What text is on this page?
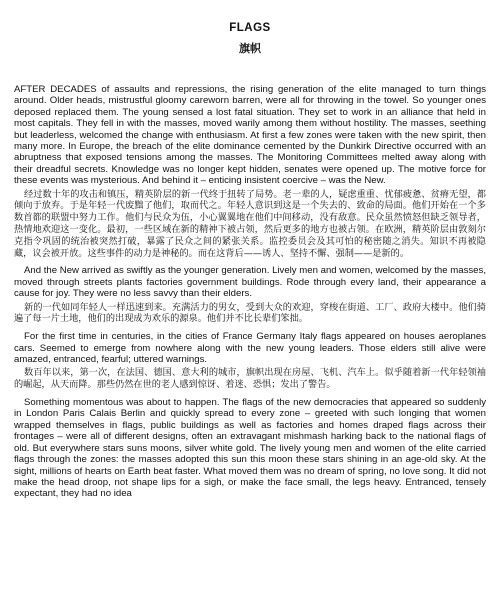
FLAGS
旗帜

AFTER DECADES of assaults and repressions, the rising generation of the elite managed to turn things around. Older heads, mistrustful gloomy careworn barren, were all for throwing in the towel. So younger ones deposed replaced them. The young sensed a lost fatal situation. They set to work in an alliance that held in most capitals. They fell in with the masses, moved warily among them without hostility. The masses, seething but leaderless, welcomed the change with enthusiasm. At first a few zones were taken with the new spirit, then many more. In Europe, the breach of the elite dominance cemented by the Dunkirk Directive occurred with an abruptness that exposed tensions among the masses. The Monitoring Committees melted away along with their dreadful secrets. Knowledge was no longer kept hidden, senates were opened up. The motive force for these events was mysterious. And behind it – enticing insistent coercive – was the New.

经过数十年的攻击和镇压，精英阶层的新一代终于扭转了局势。老一辈的人，疑虑重重、忧郁疲惫、贫瘠无望，都倾向于放弃。于是年轻一代废黜了他们，取而代之。年轻人意识到这是一个失去的、致命的局面。他们开始在一个多数首都的联盟中努力工作。他们与民众为伍，小心翼翼地在他们中间移动，没有敌意。民众虽然愤怒但缺乏领导者，热情地欢迎这一变化。最初，一些区域在新的精神下被占领，然后更多的地方也被占领。在欧洲，精英阶层由敦刻尔克指令巩固的统治被突然打破，暴露了民众之间的紧张关系。监控委员会及其可怕的秘密随之消失。知识不再被隐藏，议会被开放。这些事件的动力是神秘的。而在这背后——诱人、坚持不懈、强制——是新的。

And the New arrived as swiftly as the younger generation. Lively men and women, welcomed by the masses, moved through streets plants factories government buildings. Rode through every land, their appearance a cause for joy. They were no less savvy than their elders.

新的一代如同年轻人一样迅速到来。充满活力的男女，受到大众的欢迎，穿梭在街道、工厂、政府大楼中。他们骑遍了每一片土地，他们的出现成为欢乐的源泉。他们并不比长辈们笨拙。

For the first time in centuries, in the cities of France Germany Italy flags appeared on houses aeroplanes cars. Seemed to emerge from nowhere along with the new young leaders. Those elders still alive were amazed, entranced, fearful; uttered warnings.

数百年以来，第一次，在法国、德国、意大利的城市，旗帜出现在房屋、飞机、汽车上。似乎随着新一代年轻领袖的崛起，从天而降。那些仍然在世的老人感到惊讶、着迷、恐惧；发出了警告。

Something momentous was about to happen. The flags of the new democracies that appeared so suddenly in London Paris Calais Berlin and quickly spread to every zone – greeted with such longing that women wrapped themselves in flags, public buildings as well as factories and homes draped flags across their frontages – were all of different designs, often an extravagant mishmash harking back to the national flags of old. But everywhere stars suns moons, silver white gold. The lively young men and women of the elite carried flags through the zones: the masses adopted this sun this moon these stars shining in an age-old sky. At the sight, millions of hearts on Earth beat faster. What moved them was no dream of spring, no love song. It did not make the head droop, not shape lips for a sigh, or make the face small, the legs heavy. Entranced, tensely expectant, they had no idea
